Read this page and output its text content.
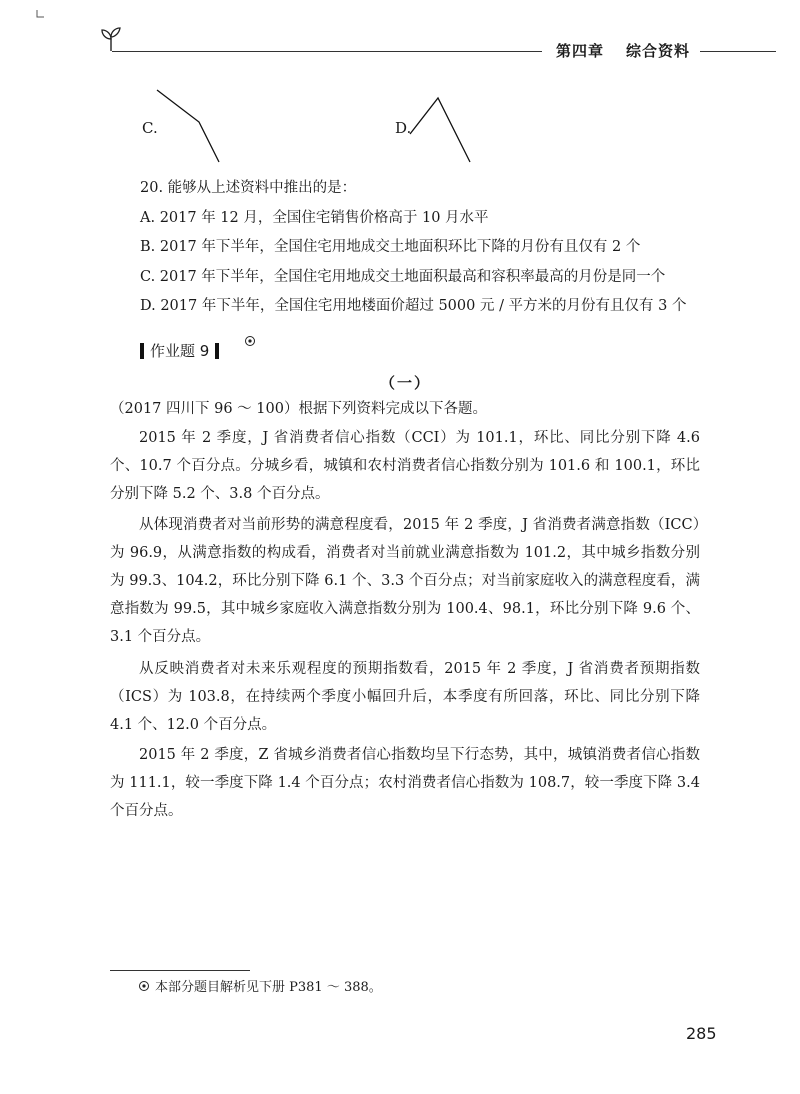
第四章 综合资料
C.	D.
20. 能够从上述资料中推出的是：
A. 2017 年 12 月，全国住宅销售价格高于 10 月水平
B. 2017 年下半年，全国住宅用地成交土地面积环比下降的月份有且仅有 2 个
C. 2017 年下半年，全国住宅用地成交土地面积最高和容积率最高的月份是同一个
D. 2017 年下半年，全国住宅用地楼面价超过 5000 元 / 平方米的月份有且仅有 3 个
作业题 9
（一）
（2017 四川下 96 ～ 100）根据下列资料完成以下各题。
2015 年 2 季度，J 省消费者信心指数（CCI）为 101.1，环比、同比分别下降 4.6 个、10.7 个百分点。分城乡看，城镇和农村消费者信心指数分别为 101.6 和 100.1，环比分别下降 5.2 个、3.8 个百分点。
从体现消费者对当前形势的满意程度看，2015 年 2 季度，J 省消费者满意指数（ICC）为 96.9，从满意指数的构成看，消费者对当前就业满意指数为 101.2，其中城乡指数分别为 99.3、104.2，环比分别下降 6.1 个、3.3 个百分点；对当前家庭收入的满意程度看，满意指数为 99.5，其中城乡家庭收入满意指数分别为 100.4、98.1，环比分别下降 9.6 个、3.1 个百分点。
从反映消费者对未来乐观程度的预期指数看，2015 年 2 季度，J 省消费者预期指数（ICS）为 103.8，在持续两个季度小幅回升后，本季度有所回落，环比、同比分别下降 4.1 个、12.0 个百分点。
2015 年 2 季度，Z 省城乡消费者信心指数均呈下行态势，其中，城镇消费者信心指数为 111.1，较一季度下降 1.4 个百分点；农村消费者信心指数为 108.7，较一季度下降 3.4 个百分点。
本部分题目解析见下册 P381 ～ 388。
285
